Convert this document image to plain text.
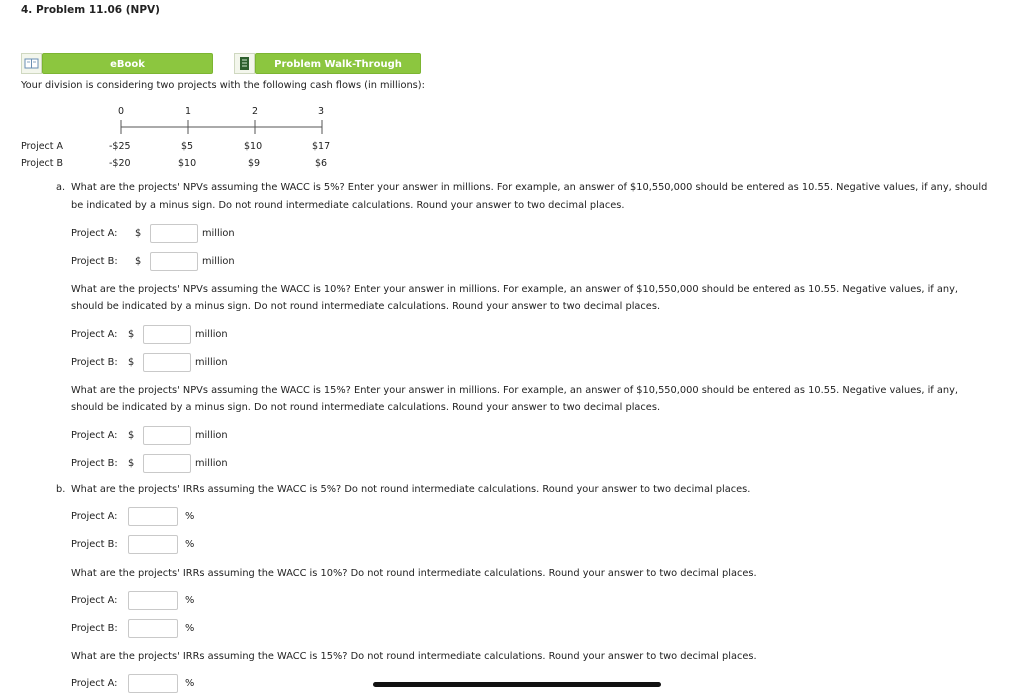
4. Problem 11.06 (NPV)
eBook	Problem Walk-Through
Your division is considering two projects with the following cash flows (in millions):
0	1	2	3
Project A	-$25	$5	$10	$17
Project B	-$20	$10	$9	$6
a. What are the projects' NPVs assuming the WACC is 5%? Enter your answer in millions. For example, an answer of $10,550,000 should be entered as 10.55. Negative values, if any, should
be indicated by a minus sign. Do not round intermediate calculations. Round your answer to two decimal places.
Project A: $	million
Project B: $	million
What are the projects' NPVs assuming the WACC is 10%? Enter your answer in millions. For example, an answer of $10,550,000 should be entered as 10.55. Negative values, if any,
should be indicated by a minus sign. Do not round intermediate calculations. Round your answer to two decimal places.
Project A: $	million
Project B: $	million
What are the projects' NPVs assuming the WACC is 15%? Enter your answer in millions. For example, an answer of $10,550,000 should be entered as 10.55. Negative values, if any,
should be indicated by a minus sign. Do not round intermediate calculations. Round your answer to two decimal places.
Project A: $	million
Project B: $	million
b. What are the projects' IRRs assuming the WACC is 5%? Do not round intermediate calculations. Round your answer to two decimal places.
Project A:	%
Project B:	%
What are the projects' IRRs assuming the WACC is 10%? Do not round intermediate calculations. Round your answer to two decimal places.
Project A:	%
Project B:	%
What are the projects' IRRs assuming the WACC is 15%? Do not round intermediate calculations. Round your answer to two decimal places.
Project A:	%
